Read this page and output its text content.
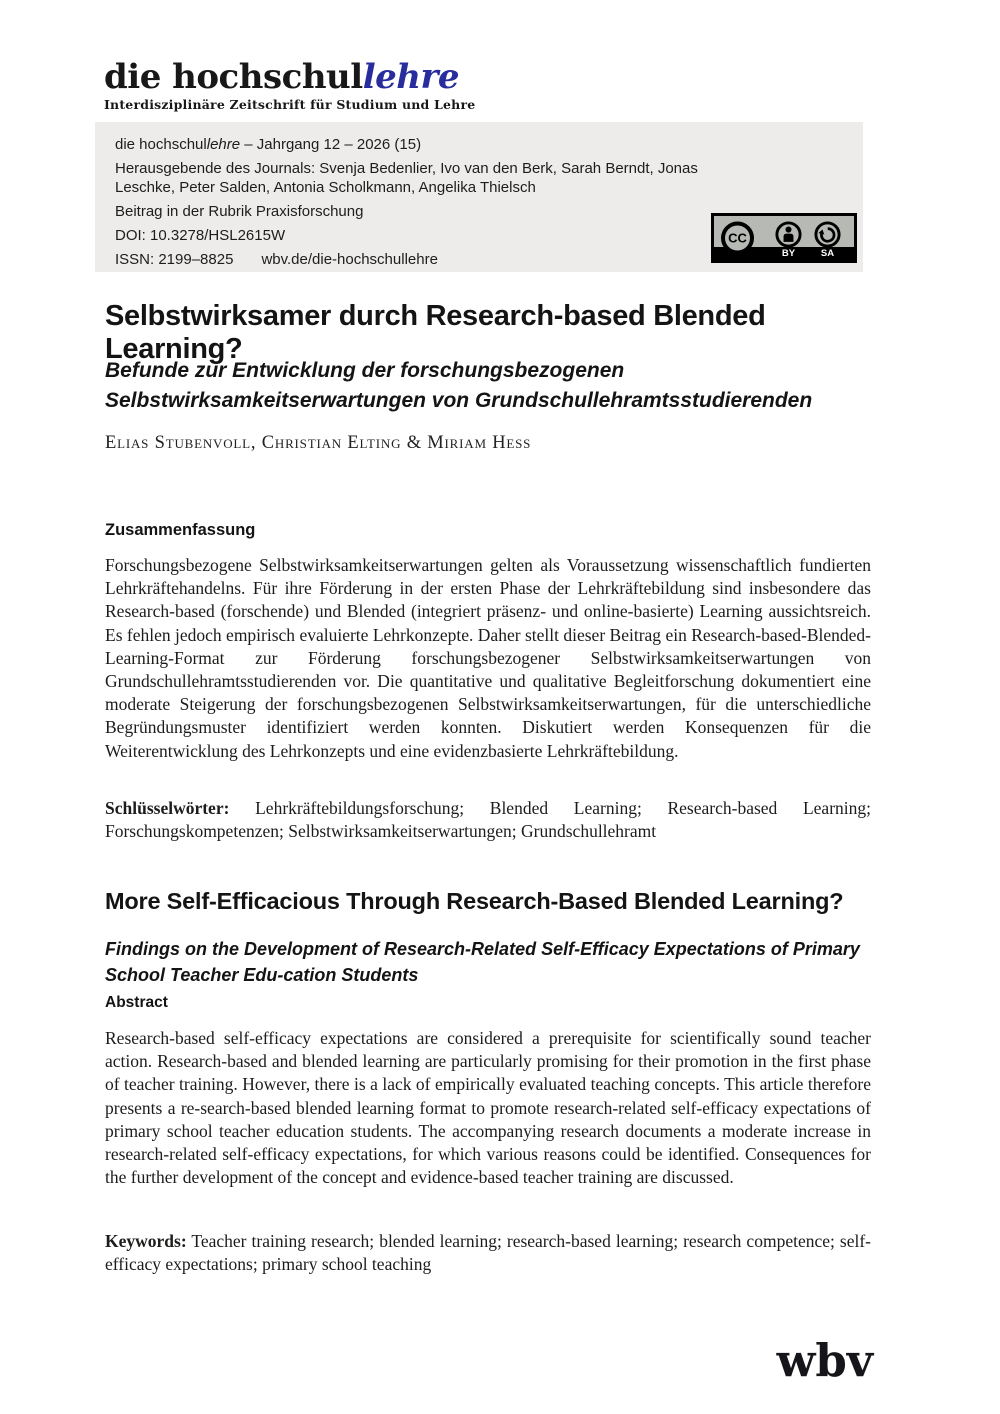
die hochschullehre
Interdisziplinäre Zeitschrift für Studium und Lehre
die hochschullehre – Jahrgang 12 – 2026 (15)
Herausgebende des Journals: Svenja Bedenlier, Ivo van den Berk, Sarah Berndt, Jonas Leschke, Peter Salden, Antonia Scholkmann, Angelika Thielsch
Beitrag in der Rubrik Praxisforschung
DOI: 10.3278/HSL2615W
ISSN: 2199–8825 wbv.de/die-hochschullehre
CC
BY	SA
Selbstwirksamer durch Research-based Blended Learning?
Befunde zur Entwicklung der forschungsbezogenen Selbstwirksamkeitserwartungen von Grundschullehramtsstudierenden
Elias Stubenvoll, Christian Elting & Miriam Hess
Zusammenfassung

Forschungsbezogene Selbstwirksamkeitserwartungen gelten als Voraussetzung wissenschaftlich fundierten Lehrkräftehandelns. Für ihre Förderung in der ersten Phase der Lehrkräftebildung sind insbesondere das Research-based (forschende) und Blended (integriert präsenz- und online-basierte) Learning aussichtsreich. Es fehlen jedoch empirisch evaluierte Lehrkonzepte. Daher stellt dieser Beitrag ein Research-based-Blended-Learning-Format zur Förderung forschungsbezogener Selbstwirksamkeitserwartungen von Grundschullehramtsstudierenden vor. Die quantitative und qualitative Begleitforschung dokumentiert eine moderate Steigerung der forschungsbezogenen Selbstwirksamkeitserwartungen, für die unterschiedliche Begründungsmuster identifiziert werden konnten. Diskutiert werden Konsequenzen für die Weiterentwicklung des Lehrkonzepts und eine evidenzbasierte Lehrkräftebildung.

Schlüsselwörter: Lehrkräftebildungsforschung; Blended Learning; Research-based Learning; Forschungskompetenzen; Selbstwirksamkeitserwartungen; Grundschullehramt

More Self-Efficacious Through Research-Based Blended Learning?
Findings on the Development of Research-Related Self-Efficacy Expectations of Primary School Teacher Edu-cation Students
Abstract

Research-based self-efficacy expectations are considered a prerequisite for scientifically sound teacher action. Research-based and blended learning are particularly promising for their promotion in the first phase of teacher training. However, there is a lack of empirically evaluated teaching concepts. This article therefore presents a re-search-based blended learning format to promote research-related self-efficacy expectations of primary school teacher education students. The accompanying research documents a moderate increase in research-related self-efficacy expectations, for which various reasons could be identified. Consequences for the further development of the concept and evidence-based teacher training are discussed.

Keywords: Teacher training research; blended learning; research-based learning; research competence; self-efficacy expectations; primary school teaching

wbv
